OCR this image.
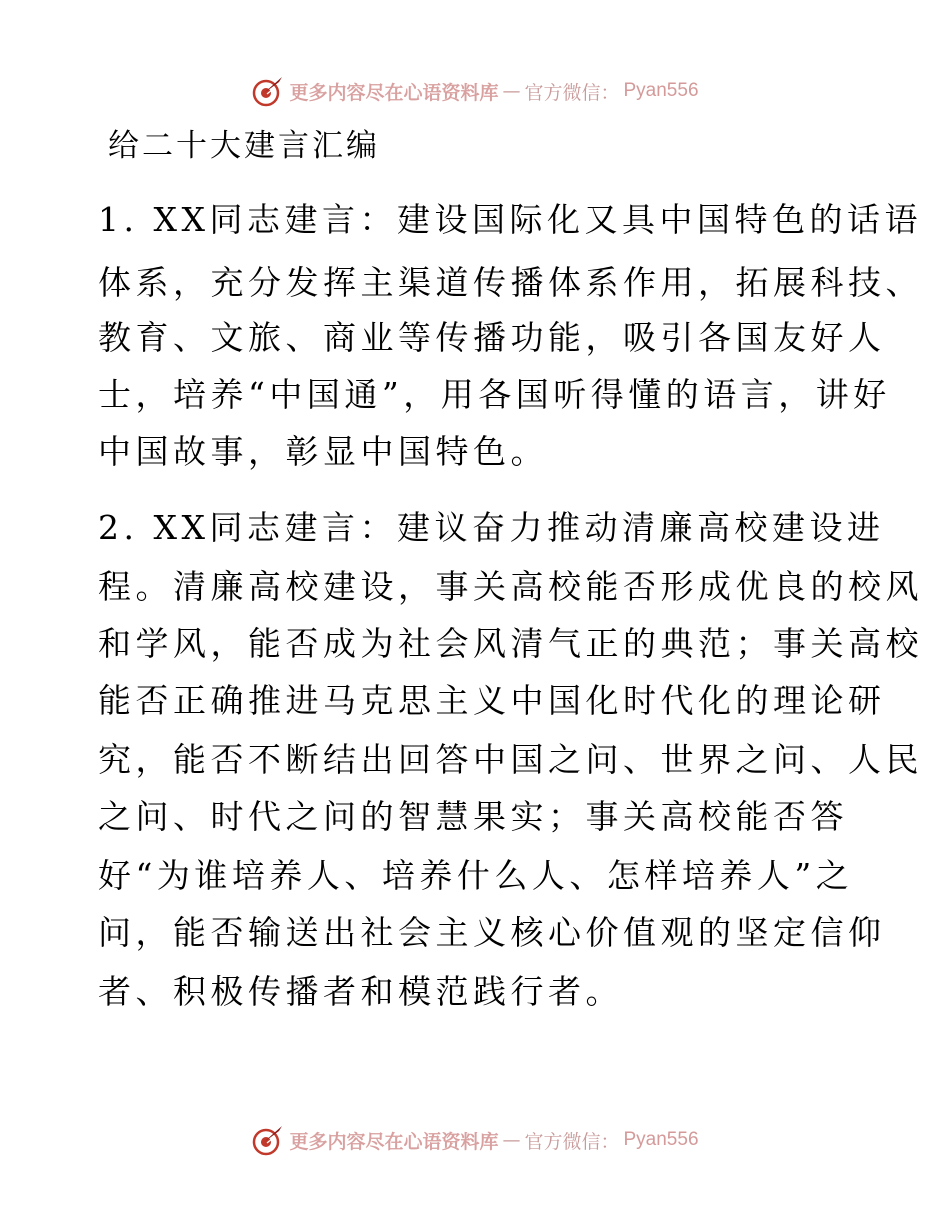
更多内容尽在心语资料库 — 官方微信： Pyan556
给二十大建言汇编
1. XX同志建言：建设国际化又具中国特色的话语
体系，充分发挥主渠道传播体系作用，拓展科技、
教育、文旅、商业等传播功能，吸引各国友好人
士，培养“中国通”，用各国听得懂的语言，讲好
中国故事，彰显中国特色。
2. XX同志建言：建议奋力推动清廉高校建设进
程。清廉高校建设，事关高校能否形成优良的校风
和学风，能否成为社会风清气正的典范；事关高校
能否正确推进马克思主义中国化时代化的理论研
究，能否不断结出回答中国之问、世界之问、人民
之问、时代之问的智慧果实；事关高校能否答
好“为谁培养人、培养什么人、怎样培养人”之
问，能否输送出社会主义核心价值观的坚定信仰
者、积极传播者和模范践行者。
更多内容尽在心语资料库 — 官方微信： Pyan556
